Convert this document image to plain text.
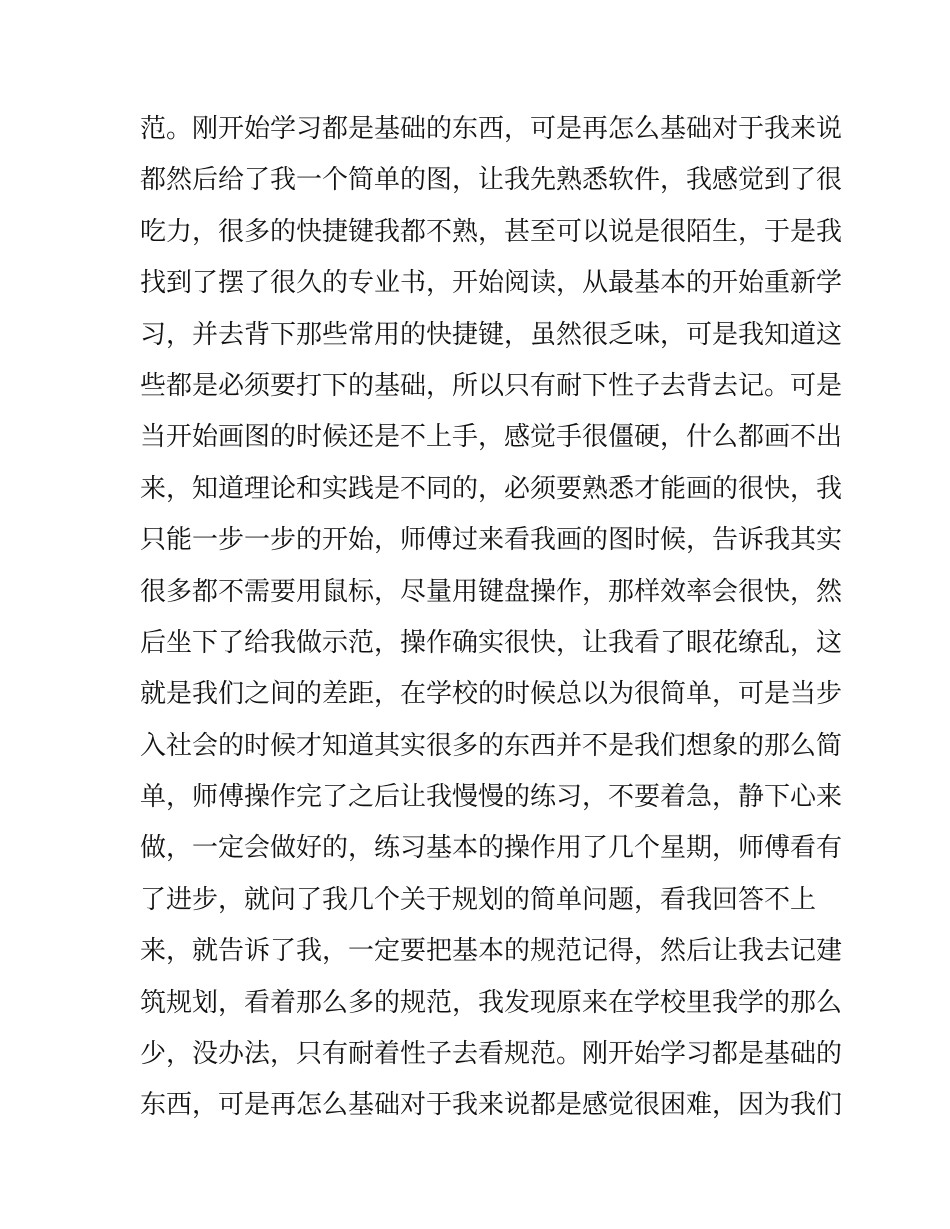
范。刚开始学习都是基础的东西，可是再怎么基础对于我来说
都然后给了我一个简单的图，让我先熟悉软件，我感觉到了很
吃力，很多的快捷键我都不熟，甚至可以说是很陌生，于是我
找到了摆了很久的专业书，开始阅读，从最基本的开始重新学
习，并去背下那些常用的快捷键，虽然很乏味，可是我知道这
些都是必须要打下的基础，所以只有耐下性子去背去记。可是
当开始画图的时候还是不上手，感觉手很僵硬，什么都画不出
来，知道理论和实践是不同的，必须要熟悉才能画的很快，我
只能一步一步的开始，师傅过来看我画的图时候，告诉我其实
很多都不需要用鼠标，尽量用键盘操作，那样效率会很快，然
后坐下了给我做示范，操作确实很快，让我看了眼花缭乱，这
就是我们之间的差距，在学校的时候总以为很简单，可是当步
入社会的时候才知道其实很多的东西并不是我们想象的那么简
单，师傅操作完了之后让我慢慢的练习，不要着急，静下心来
做，一定会做好的，练习基本的操作用了几个星期，师傅看有
了进步，就问了我几个关于规划的简单问题，看我回答不上
来，就告诉了我，一定要把基本的规范记得，然后让我去记建
筑规划，看着那么多的规范，我发现原来在学校里我学的那么
少，没办法，只有耐着性子去看规范。刚开始学习都是基础的
东西，可是再怎么基础对于我来说都是感觉很困难，因为我们
